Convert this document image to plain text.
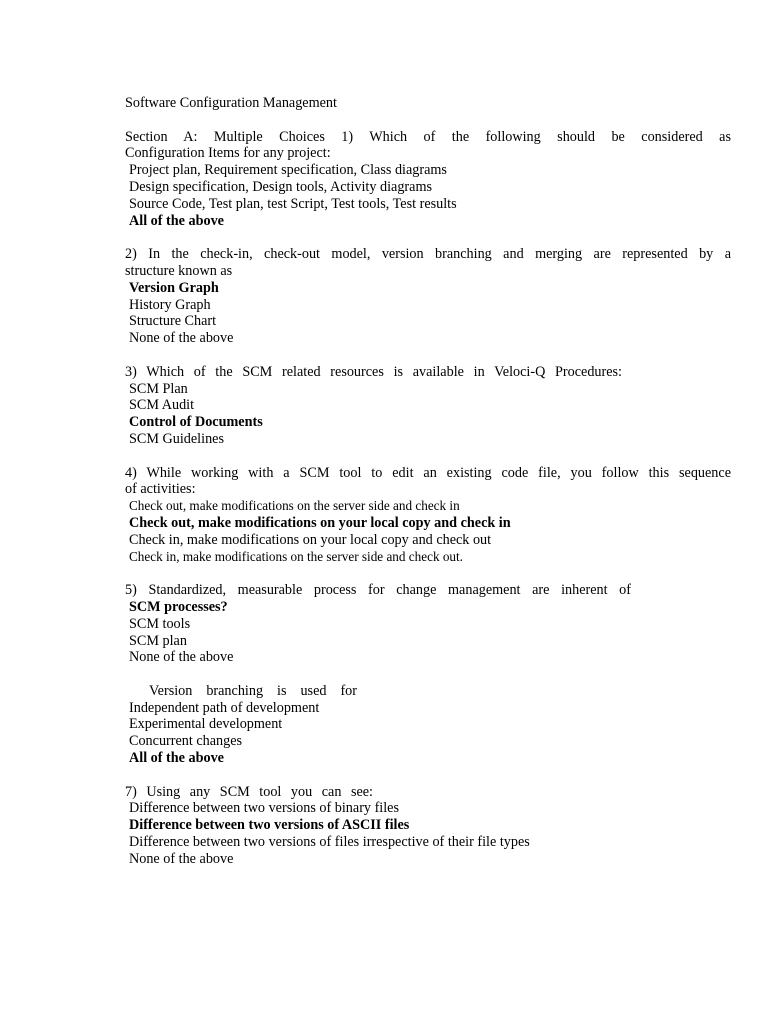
Software Configuration Management

Section A: Multiple Choices 1) Which of the following should be considered as

Configuration Items for any project:

Project plan, Requirement specification, Class diagrams

Design specification, Design tools, Activity diagrams

Source Code, Test plan, test Script, Test tools, Test results

All of the above

2) In the check-in, check-out model, version branching and merging are represented by a

structure known as

Version Graph

History Graph

Structure Chart

None of the above

3) Which of the SCM related resources is available in Veloci-Q Procedures:

SCM Plan

SCM Audit

Control of Documents

SCM Guidelines

4) While working with a SCM tool to edit an existing code file, you follow this sequence

of activities:

Check out, make modifications on the server side and check in

Check out, make modifications on your local copy and check in

Check in, make modifications on your local copy and check out

Check in, make modifications on the server side and check out.

5) Standardized, measurable process for change management are inherent of

SCM processes?

SCM tools

SCM plan

None of the above

Version branching is used for

Independent path of development

Experimental development

Concurrent changes

All of the above

7) Using any SCM tool you can see:

Difference between two versions of binary files

Difference between two versions of ASCII files

Difference between two versions of files irrespective of their file types

None of the above
